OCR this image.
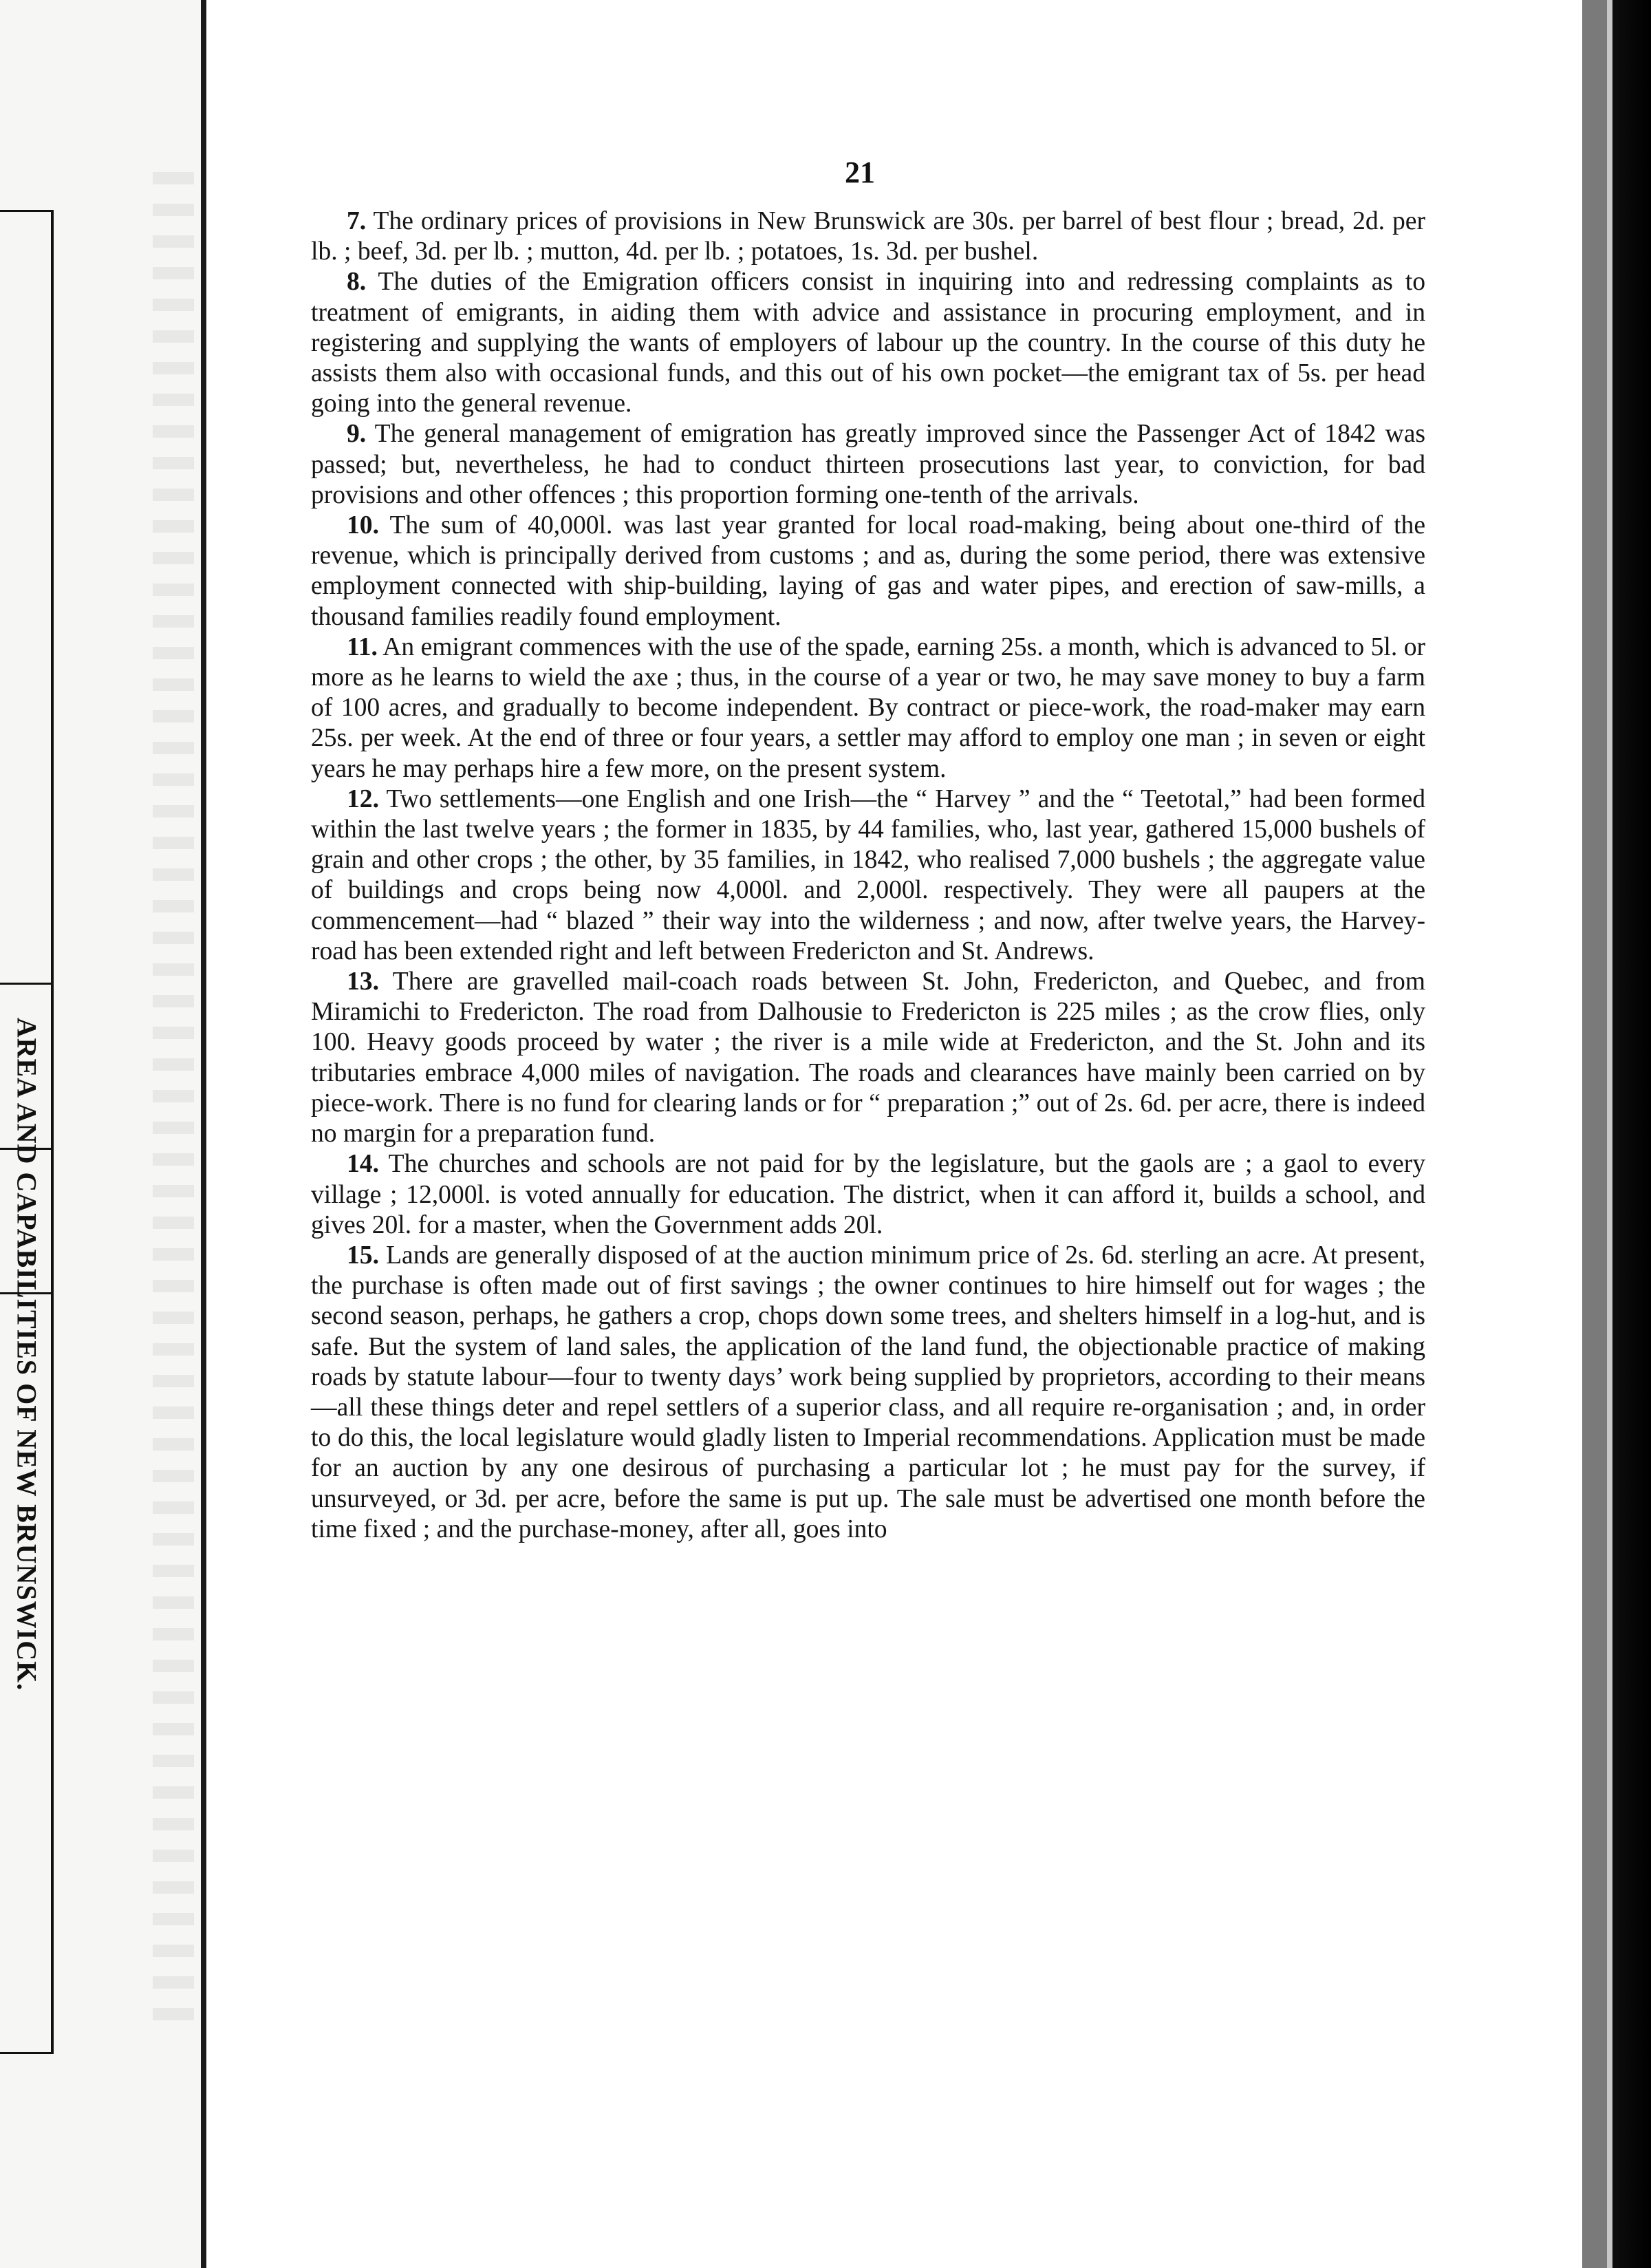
AREA AND CAPABILITIES OF NEW BRUNSWICK.
21

7. The ordinary prices of provisions in New Brunswick are 30s. per barrel of best flour ; bread, 2d. per lb. ; beef, 3d. per lb. ; mutton, 4d. per lb. ; potatoes, 1s. 3d. per bushel.

8. The duties of the Emigration officers consist in inquiring into and redressing complaints as to treatment of emigrants, in aiding them with advice and assistance in procuring employment, and in registering and supplying the wants of employers of labour up the country. In the course of this duty he assists them also with occasional funds, and this out of his own pocket—the emigrant tax of 5s. per head going into the general revenue.

9. The general management of emigration has greatly improved since the Passenger Act of 1842 was passed; but, nevertheless, he had to conduct thirteen prosecutions last year, to conviction, for bad provisions and other offences ; this proportion forming one-tenth of the arrivals.

10. The sum of 40,000l. was last year granted for local road-making, being about one-third of the revenue, which is principally derived from customs ; and as, during the some period, there was extensive employment connected with ship-building, laying of gas and water pipes, and erection of saw-mills, a thousand families readily found employment.

11. An emigrant commences with the use of the spade, earning 25s. a month, which is advanced to 5l. or more as he learns to wield the axe ; thus, in the course of a year or two, he may save money to buy a farm of 100 acres, and gradually to become independent. By contract or piece-work, the road-maker may earn 25s. per week. At the end of three or four years, a settler may afford to employ one man ; in seven or eight years he may perhaps hire a few more, on the present system.

12. Two settlements—one English and one Irish—the “ Harvey ” and the “ Teetotal,” had been formed within the last twelve years ; the former in 1835, by 44 families, who, last year, gathered 15,000 bushels of grain and other crops ; the other, by 35 families, in 1842, who realised 7,000 bushels ; the aggregate value of buildings and crops being now 4,000l. and 2,000l. respectively. They were all paupers at the commencement—had “ blazed ” their way into the wilderness ; and now, after twelve years, the Harvey-road has been extended right and left between Fredericton and St. Andrews.

13. There are gravelled mail-coach roads between St. John, Fredericton, and Quebec, and from Miramichi to Fredericton. The road from Dalhousie to Fredericton is 225 miles ; as the crow flies, only 100. Heavy goods proceed by water ; the river is a mile wide at Fredericton, and the St. John and its tributaries embrace 4,000 miles of navigation. The roads and clearances have mainly been carried on by piece-work. There is no fund for clearing lands or for “ preparation ;” out of 2s. 6d. per acre, there is indeed no margin for a preparation fund.

14. The churches and schools are not paid for by the legislature, but the gaols are ; a gaol to every village ; 12,000l. is voted annually for education. The district, when it can afford it, builds a school, and gives 20l. for a master, when the Government adds 20l.

15. Lands are generally disposed of at the auction minimum price of 2s. 6d. sterling an acre. At present, the purchase is often made out of first savings ; the owner continues to hire himself out for wages ; the second season, perhaps, he gathers a crop, chops down some trees, and shelters himself in a log-hut, and is safe. But the system of land sales, the application of the land fund, the objectionable practice of making roads by statute labour—four to twenty days’ work being supplied by proprietors, according to their means—all these things deter and repel settlers of a superior class, and all require re-organisation ; and, in order to do this, the local legislature would gladly listen to Imperial recommendations. Application must be made for an auction by any one desirous of purchasing a particular lot ; he must pay for the survey, if unsurveyed, or 3d. per acre, before the same is put up. The sale must be advertised one month before the time fixed ; and the purchase-money, after all, goes into
